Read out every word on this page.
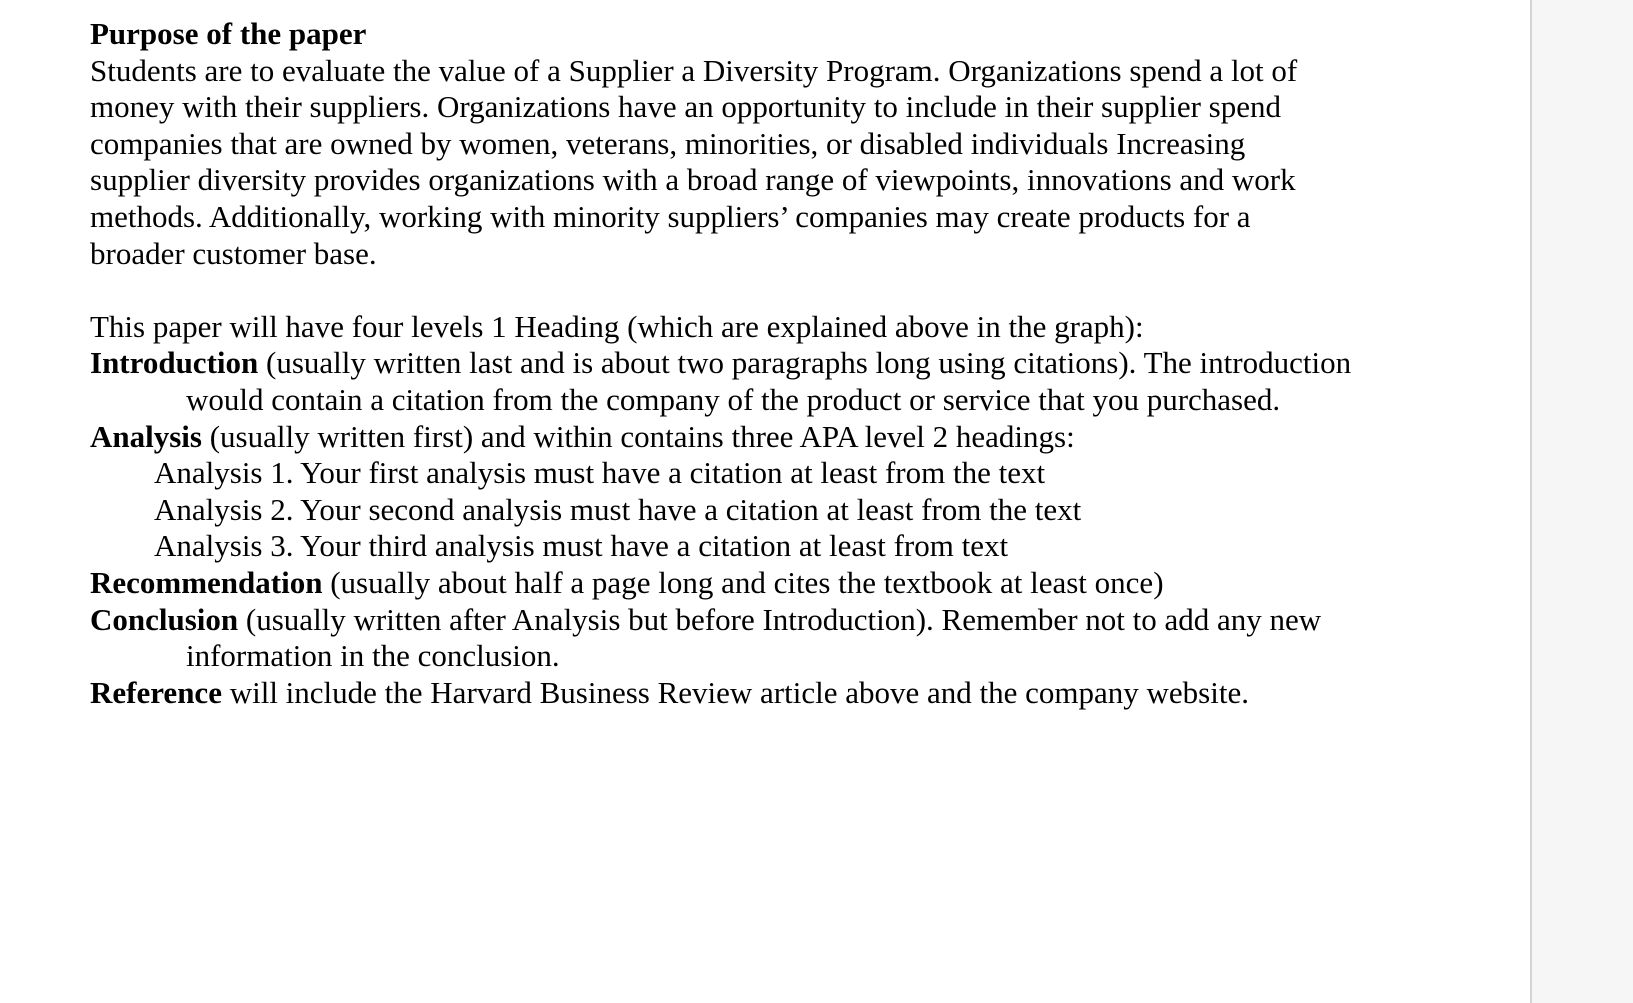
Purpose of the paper

Students are to evaluate the value of a Supplier a Diversity Program. Organizations spend a lot of

money with their suppliers. Organizations have an opportunity to include in their supplier spend

companies that are owned by women, veterans, minorities, or disabled individuals Increasing

supplier diversity provides organizations with a broad range of viewpoints, innovations and work

methods. Additionally, working with minority suppliers’ companies may create products for a

broader customer base.

This paper will have four levels 1 Heading (which are explained above in the graph):

Introduction (usually written last and is about two paragraphs long using citations). The introduction would contain a citation from the company of the product or service that you purchased.

Analysis (usually written first) and within contains three APA level 2 headings:

Analysis 1. Your first analysis must have a citation at least from the text

Analysis 2. Your second analysis must have a citation at least from the text

Analysis 3. Your third analysis must have a citation at least from text

Recommendation (usually about half a page long and cites the textbook at least once)

Conclusion (usually written after Analysis but before Introduction). Remember not to add any new information in the conclusion.

Reference will include the Harvard Business Review article above and the company website.
